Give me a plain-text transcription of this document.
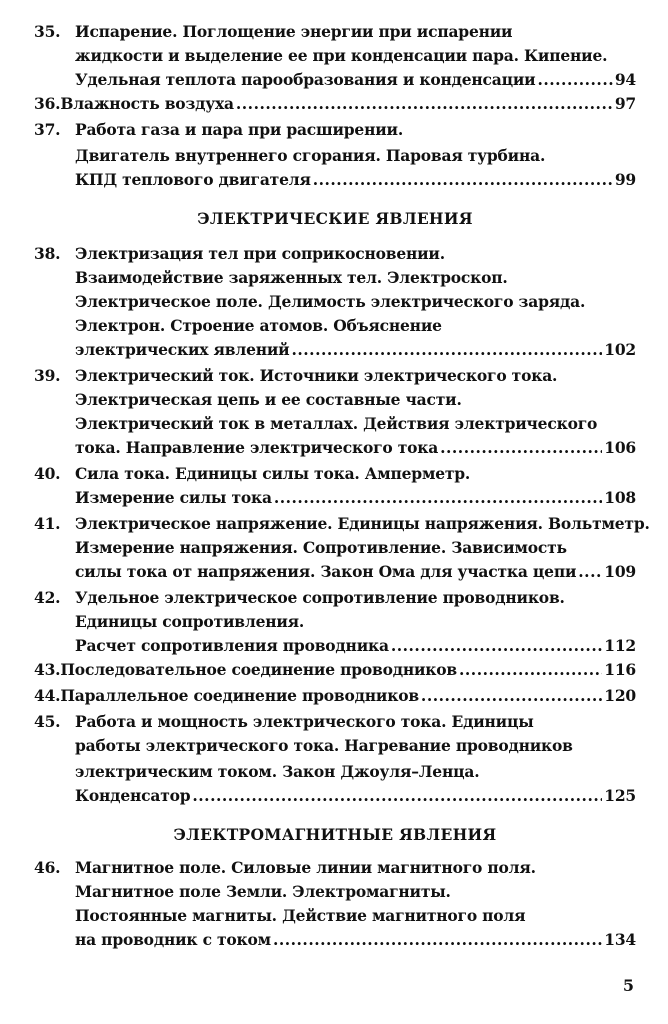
35. Испарение. Поглощение энергии при испарении
жидкости и выделение ее при конденсации пара. Кипение.
Удельная теплота парообразования и конденсации .....	94
36. Влажность воздуха .....	97
37. Работа газа и пара при расширении.
Двигатель внутреннего сгорания. Паровая турбина.
КПД теплового двигателя .....	99
ЭЛЕКТРИЧЕСКИЕ ЯВЛЕНИЯ
38. Электризация тел при соприкосновении.
Взаимодействие заряженных тел. Электроскоп.
Электрическое поле. Делимость электрического заряда.
Электрон. Строение атомов. Объяснение
электрических явлений .....	102
39. Электрический ток. Источники электрического тока.
Электрическая цепь и ее составные части.
Электрический ток в металлах. Действия электрического
тока. Направление электрического тока .....	106
40. Сила тока. Единицы силы тока. Амперметр.
Измерение силы тока .....	108
41. Электрическое напряжение. Единицы напряжения. Вольтметр.
Измерение напряжения. Сопротивление. Зависимость
силы тока от напряжения. Закон Ома для участка цепи ..... 109
42. Удельное электрическое сопротивление проводников.
Единицы сопротивления.
Расчет сопротивления проводника .....	112
43. Последовательное соединение проводников .....	116
44. Параллельное соединение проводников .....	120
45. Работа и мощность электрического тока. Единицы
работы электрического тока. Нагревание проводников
электрическим током. Закон Джоуля–Ленца.
Конденсатор .....	125
ЭЛЕКТРОМАГНИТНЫЕ ЯВЛЕНИЯ
46. Магнитное поле. Силовые линии магнитного поля.
Магнитное поле Земли. Электромагниты.
Постоянные магниты. Действие магнитного поля
на проводник с током .....	134
5
